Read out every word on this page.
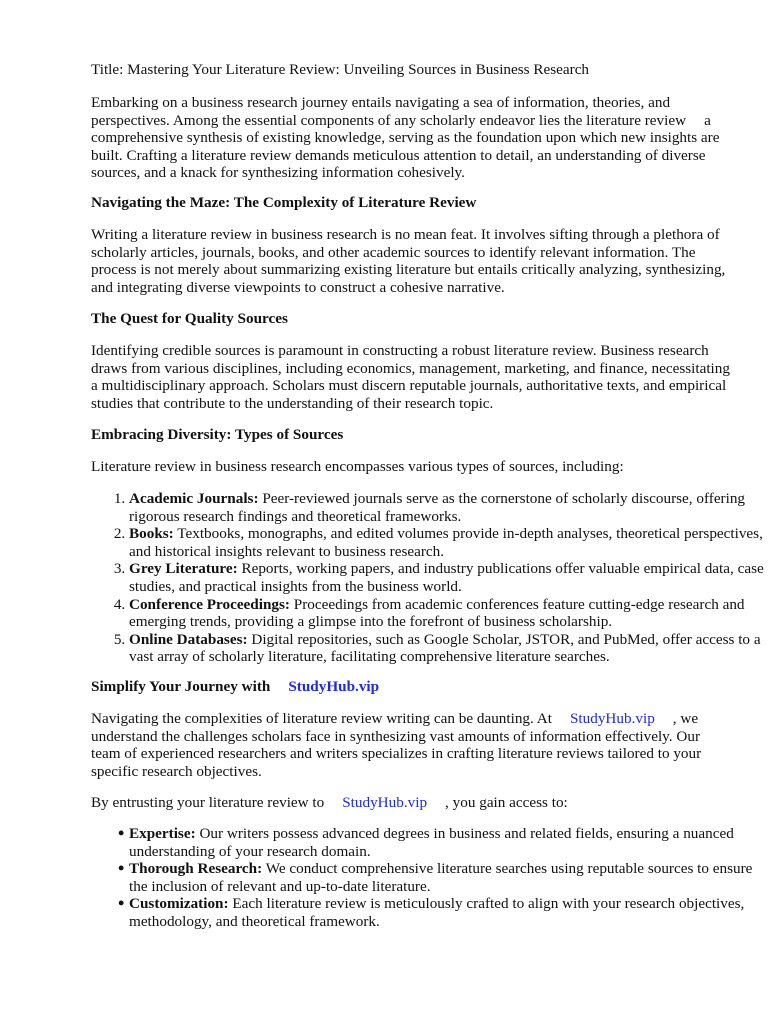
Title: Mastering Your Literature Review: Unveiling Sources in Business Research

Embarking on a business research journey entails navigating a sea of information, theories, and perspectives. Among the essential components of any scholarly endeavor lies the literature review a comprehensive synthesis of existing knowledge, serving as the foundation upon which new insights are built. Crafting a literature review demands meticulous attention to detail, an understanding of diverse sources, and a knack for synthesizing information cohesively.

Navigating the Maze: The Complexity of Literature Review

Writing a literature review in business research is no mean feat. It involves sifting through a plethora of scholarly articles, journals, books, and other academic sources to identify relevant information. The process is not merely about summarizing existing literature but entails critically analyzing, synthesizing, and integrating diverse viewpoints to construct a cohesive narrative.

The Quest for Quality Sources

Identifying credible sources is paramount in constructing a robust literature review. Business research draws from various disciplines, including economics, management, marketing, and finance, necessitating a multidisciplinary approach. Scholars must discern reputable journals, authoritative texts, and empirical studies that contribute to the understanding of their research topic.

Embracing Diversity: Types of Sources

Literature review in business research encompasses various types of sources, including:

1. Academic Journals: Peer-reviewed journals serve as the cornerstone of scholarly discourse, offering rigorous research findings and theoretical frameworks.
2. Books: Textbooks, monographs, and edited volumes provide in-depth analyses, theoretical perspectives, and historical insights relevant to business research.
3. Grey Literature: Reports, working papers, and industry publications offer valuable empirical data, case studies, and practical insights from the business world.
4. Conference Proceedings: Proceedings from academic conferences feature cutting-edge research and emerging trends, providing a glimpse into the forefront of business scholarship.
5. Online Databases: Digital repositories, such as Google Scholar, JSTOR, and PubMed, offer access to a vast array of scholarly literature, facilitating comprehensive literature searches.
Simplify Your Journey with StudyHub.vip

Navigating the complexities of literature review writing can be daunting. At StudyHub.vip , we understand the challenges scholars face in synthesizing vast amounts of information effectively. Our team of experienced researchers and writers specializes in crafting literature reviews tailored to your specific research objectives.

By entrusting your literature review to StudyHub.vip , you gain access to:

• Expertise: Our writers possess advanced degrees in business and related fields, ensuring a nuanced understanding of your research domain.
• Thorough Research: We conduct comprehensive literature searches using reputable sources to ensure the inclusion of relevant and up-to-date literature.
• Customization: Each literature review is meticulously crafted to align with your research objectives, methodology, and theoretical framework.
